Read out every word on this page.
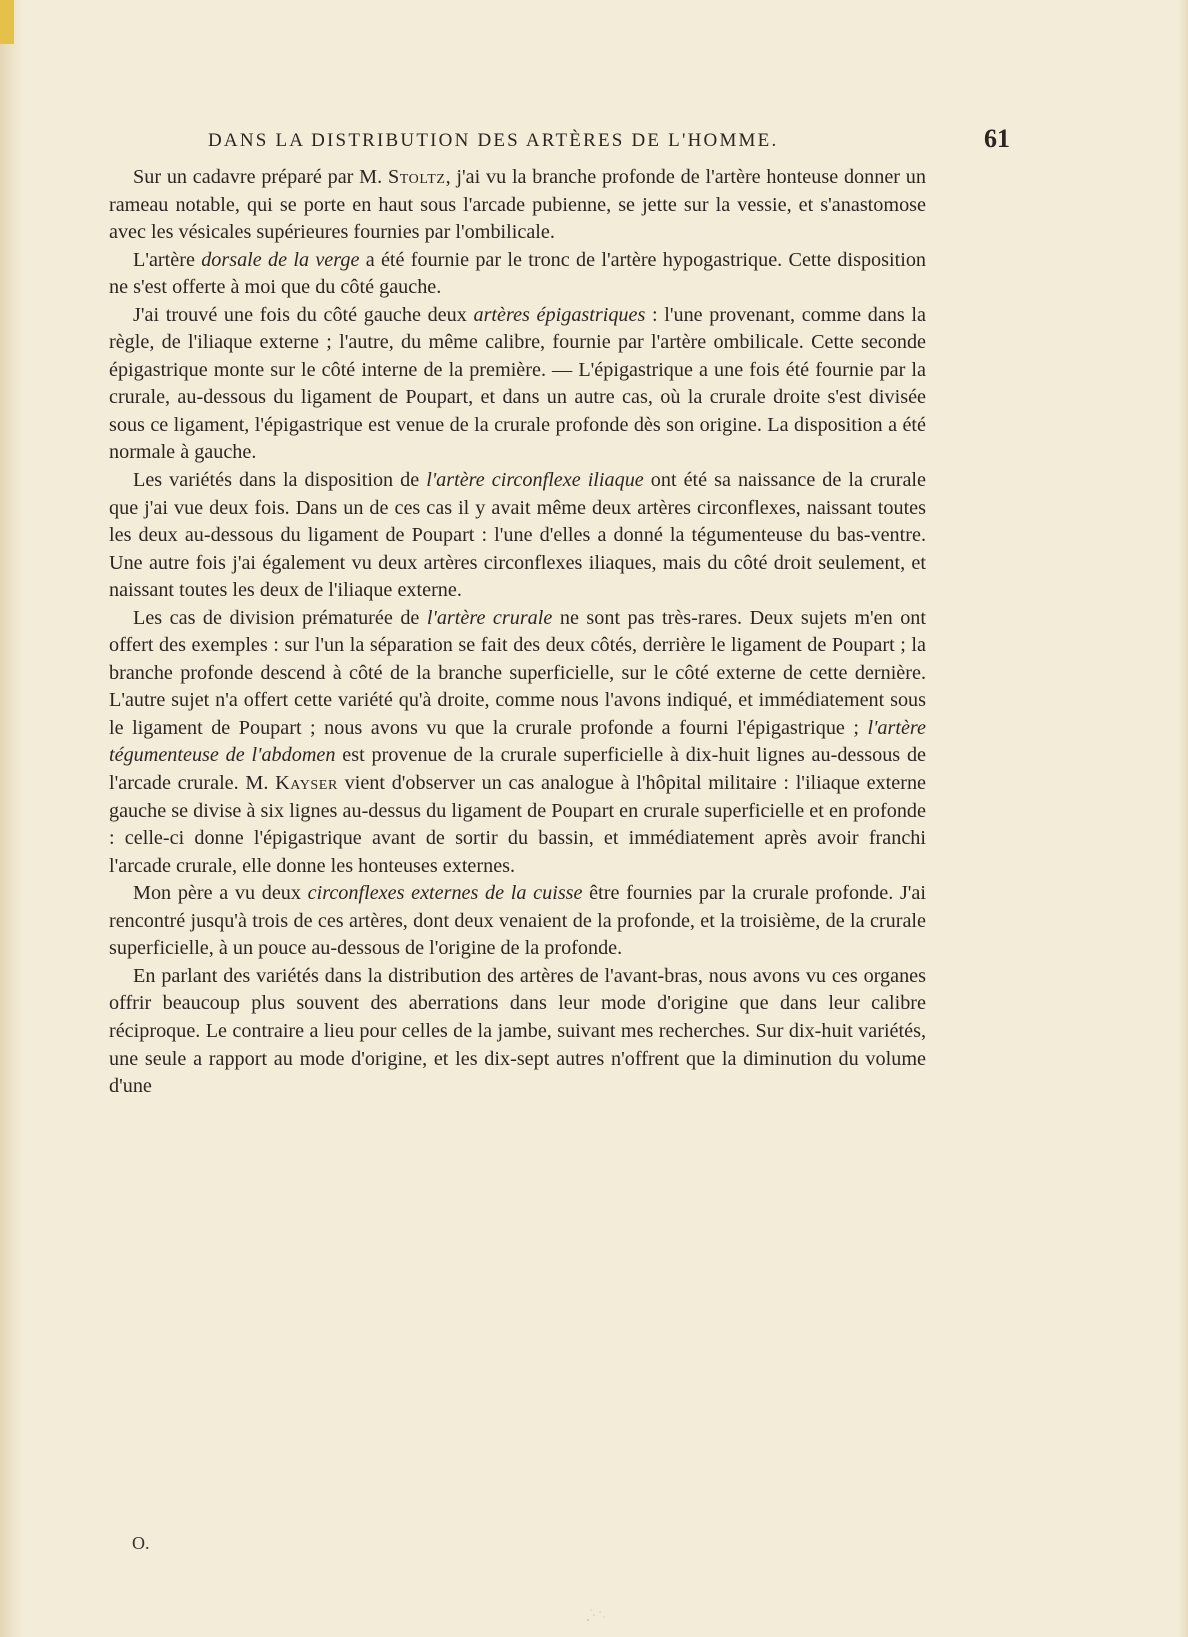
DANS LA DISTRIBUTION DES ARTÈRES DE L'HOMME.	61

Sur un cadavre préparé par M. Stoltz, j'ai vu la branche profonde de l'artère honteuse donner un rameau notable, qui se porte en haut sous l'arcade pubienne, se jette sur la vessie, et s'anastomose avec les vésicales supérieures fournies par l'ombilicale.

L'artère dorsale de la verge a été fournie par le tronc de l'artère hypogastrique. Cette disposition ne s'est offerte à moi que du côté gauche.

J'ai trouvé une fois du côté gauche deux artères épigastriques : l'une provenant, comme dans la règle, de l'iliaque externe ; l'autre, du même calibre, fournie par l'artère ombilicale. Cette seconde épigastrique monte sur le côté interne de la première. — L'épigastrique a une fois été fournie par la crurale, au-dessous du ligament de Poupart, et dans un autre cas, où la crurale droite s'est divisée sous ce ligament, l'épigastrique est venue de la crurale profonde dès son origine. La disposition a été normale à gauche.

Les variétés dans la disposition de l'artère circonflexe iliaque ont été sa naissance de la crurale que j'ai vue deux fois. Dans un de ces cas il y avait même deux artères circonflexes, naissant toutes les deux au-dessous du ligament de Poupart : l'une d'elles a donné la tégumenteuse du bas-ventre. Une autre fois j'ai également vu deux artères circonflexes iliaques, mais du côté droit seulement, et naissant toutes les deux de l'iliaque externe.

Les cas de division prématurée de l'artère crurale ne sont pas très-rares. Deux sujets m'en ont offert des exemples : sur l'un la séparation se fait des deux côtés, derrière le ligament de Poupart ; la branche profonde descend à côté de la branche superficielle, sur le côté externe de cette dernière. L'autre sujet n'a offert cette variété qu'à droite, comme nous l'avons indiqué, et immédiatement sous le ligament de Poupart ; nous avons vu que la crurale profonde a fourni l'épigastrique ; l'artère tégumenteuse de l'abdomen est provenue de la crurale superficielle à dix-huit lignes au-dessous de l'arcade crurale. M. Kayser vient d'observer un cas analogue à l'hôpital militaire : l'iliaque externe gauche se divise à six lignes au-dessus du ligament de Poupart en crurale superficielle et en profonde : celle-ci donne l'épigastrique avant de sortir du bassin, et immédiatement après avoir franchi l'arcade crurale, elle donne les honteuses externes.

Mon père a vu deux circonflexes externes de la cuisse être fournies par la crurale profonde. J'ai rencontré jusqu'à trois de ces artères, dont deux venaient de la profonde, et la troisième, de la crurale superficielle, à un pouce au-dessous de l'origine de la profonde.

En parlant des variétés dans la distribution des artères de l'avant-bras, nous avons vu ces organes offrir beaucoup plus souvent des aberrations dans leur mode d'origine que dans leur calibre réciproque. Le contraire a lieu pour celles de la jambe, suivant mes recherches. Sur dix-huit variétés, une seule a rapport au mode d'origine, et les dix-sept autres n'offrent que la diminution du volume d'une

O.
